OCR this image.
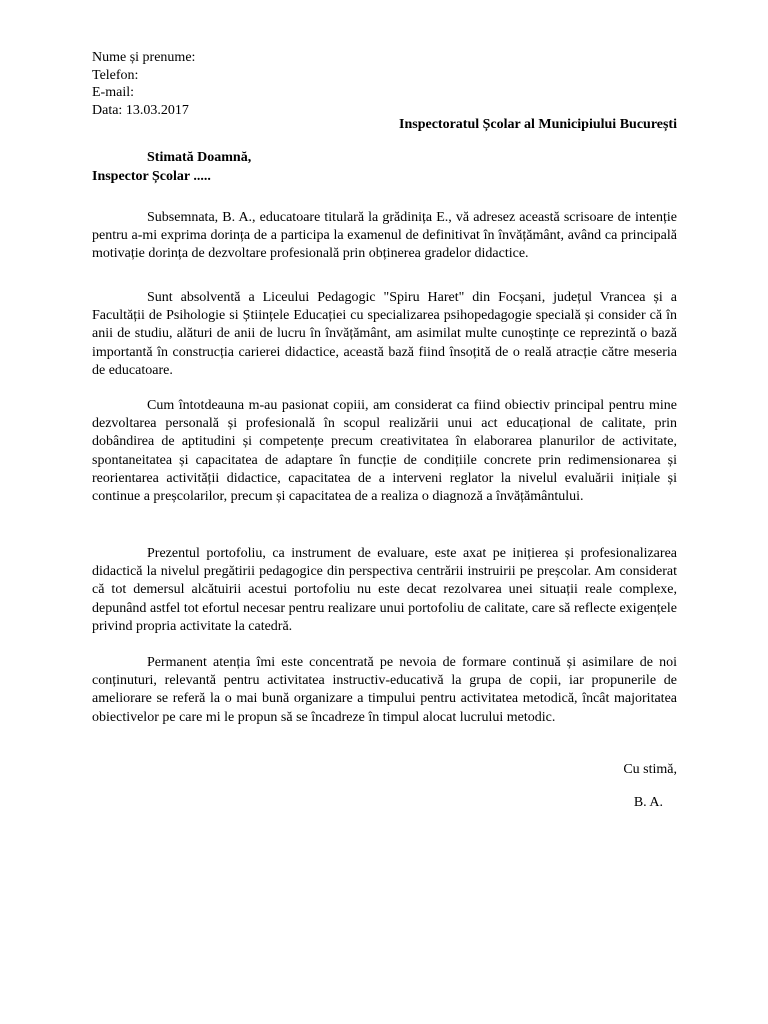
Nume și prenume:
Telefon:
E-mail:
Data: 13.03.2017
Inspectoratul Școlar al Municipiului București
Stimată Doamnă,
Inspector Școlar .....

Subsemnata, B. A., educatoare titulară la grădinița E., vă adresez această scrisoare de intenție pentru a-mi exprima dorința de a participa la examenul de definitivat în învățământ, având ca principală motivație dorința de dezvoltare profesională prin obținerea gradelor didactice.

Sunt absolventă a Liceului Pedagogic "Spiru Haret" din Focșani, județul Vrancea și a Facultății de Psihologie si Științele Educației cu specializarea psihopedagogie specială și consider că în anii de studiu, alături de anii de lucru în învățământ, am asimilat multe cunoștințe ce reprezintă o bază importantă în construcția carierei didactice, această bază fiind însoțită de o reală atracție către meseria de educatoare.

Cum întotdeauna m-au pasionat copiii, am considerat ca fiind obiectiv principal pentru mine dezvoltarea personală și profesională în scopul realizării unui act educațional de calitate, prin dobândirea de aptitudini și competențe precum creativitatea în elaborarea planurilor de activitate, spontaneitatea și capacitatea de adaptare în funcție de condițiile concrete prin redimensionarea și reorientarea activității didactice, capacitatea de a interveni reglator la nivelul evaluării inițiale și continue a preșcolarilor, precum și capacitatea de a realiza o diagnoză a învățământului.

Prezentul portofoliu, ca instrument de evaluare, este axat pe inițierea și profesionalizarea didactică la nivelul pregătirii pedagogice din perspectiva centrării instruirii pe preșcolar. Am considerat că tot demersul alcătuirii acestui portofoliu nu este decat rezolvarea unei situații reale complexe, depunând astfel tot efortul necesar pentru realizare unui portofoliu de calitate, care să reflecte exigențele privind propria activitate la catedră.

Permanent atenția îmi este concentrată pe nevoia de formare continuă și asimilare de noi conținuturi, relevantă pentru activitatea instructiv-educativă la grupa de copii, iar propunerile de ameliorare se referă la o mai bună organizare a timpului pentru activitatea metodică, încât majoritatea obiectivelor pe care mi le propun să se încadreze în timpul alocat lucrului metodic.

Cu stimă,
B. A.
